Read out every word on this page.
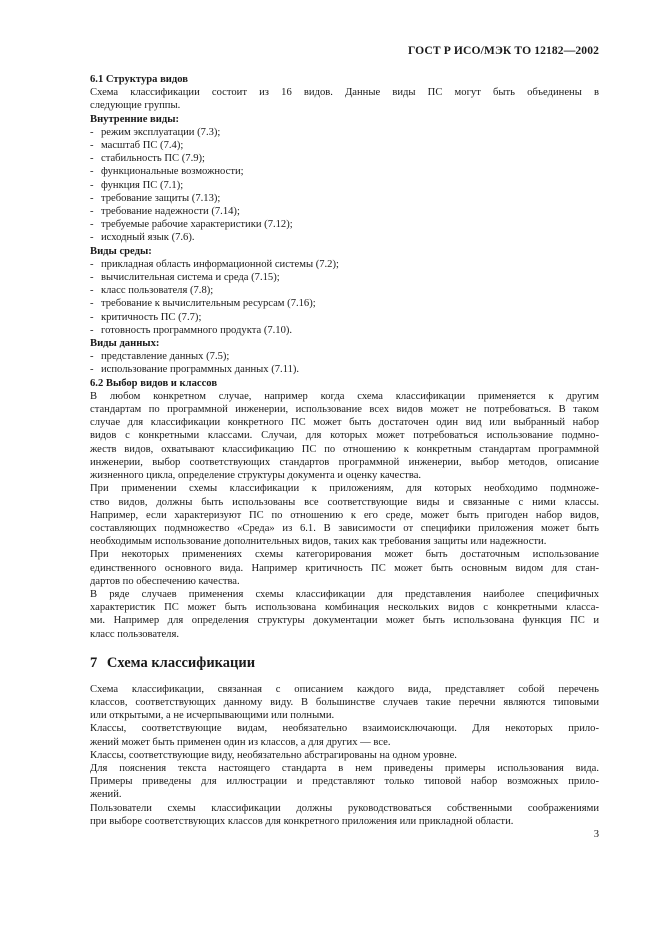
ГОСТ Р ИСО/МЭК ТО 12182—2002
6.1 Структура видов
Схема классификации состоит из 16 видов. Данные виды ПС могут быть объединены в
следующие группы.
Внутренние виды:
- режим эксплуатации (7.3);
- масштаб ПС (7.4);
- стабильность ПС (7.9);
- функциональные возможности;
- функция ПС (7.1);
- требование защиты (7.13);
- требование надежности (7.14);
- требуемые рабочие характеристики (7.12);
- исходный язык (7.6).
Виды среды:
- прикладная область информационной системы (7.2);
- вычислительная система и среда (7.15);
- класс пользователя (7.8);
- требование к вычислительным ресурсам (7.16);
- критичность ПС (7.7);
- готовность программного продукта (7.10).
Виды данных:
- представление данных (7.5);
- использование программных данных (7.11).
6.2 Выбор видов и классов
В любом конкретном случае, например когда схема классификации применяется к другим
стандартам по программной инженерии, использование всех видов может не потребоваться. В таком
случае для классификации конкретного ПС может быть достаточен один вид или выбранный набор
видов с конкретными классами. Случаи, для которых может потребоваться использование подмно-
жеств видов, охватывают классификацию ПС по отношению к конкретным стандартам программной
инженерии, выбор соответствующих стандартов программной инженерии, выбор методов, описание
жизненного цикла, определение структуры документа и оценку качества.
При применении схемы классификации к приложениям, для которых необходимо подмноже-
ство видов, должны быть использованы все соответствующие виды и связанные с ними классы.
Например, если характеризуют ПС по отношению к его среде, может быть пригоден набор видов,
составляющих подмножество «Среда» из 6.1. В зависимости от специфики приложения может быть
необходимым использование дополнительных видов, таких как требования защиты или надежности.
При некоторых применениях схемы категорирования может быть достаточным использование
единственного основного вида. Например критичность ПС может быть основным видом для стан-
дартов по обеспечению качества.
В ряде случаев применения схемы классификации для представления наиболее специфичных
характеристик ПС может быть использована комбинация нескольких видов с конкретными класса-
ми. Например для определения структуры документации может быть использована функция ПС и
класс пользователя.
7 Схема классификации
Схема классификации, связанная с описанием каждого вида, представляет собой перечень
классов, соответствующих данному виду. В большинстве случаев такие перечни являются типовыми
или открытыми, а не исчерпывающими или полными.
Классы, соответствующие видам, необязательно взаимоисключающи. Для некоторых прило-
жений может быть применен один из классов, а для других — все.
Классы, соответствующие виду, необязательно абстрагированы на одном уровне.
Для пояснения текста настоящего стандарта в нем приведены примеры использования вида.
Примеры приведены для иллюстрации и представляют только типовой набор возможных прило-
жений.
Пользователи схемы классификации должны руководствоваться собственными соображениями
при выборе соответствующих классов для конкретного приложения или прикладной области.
3
